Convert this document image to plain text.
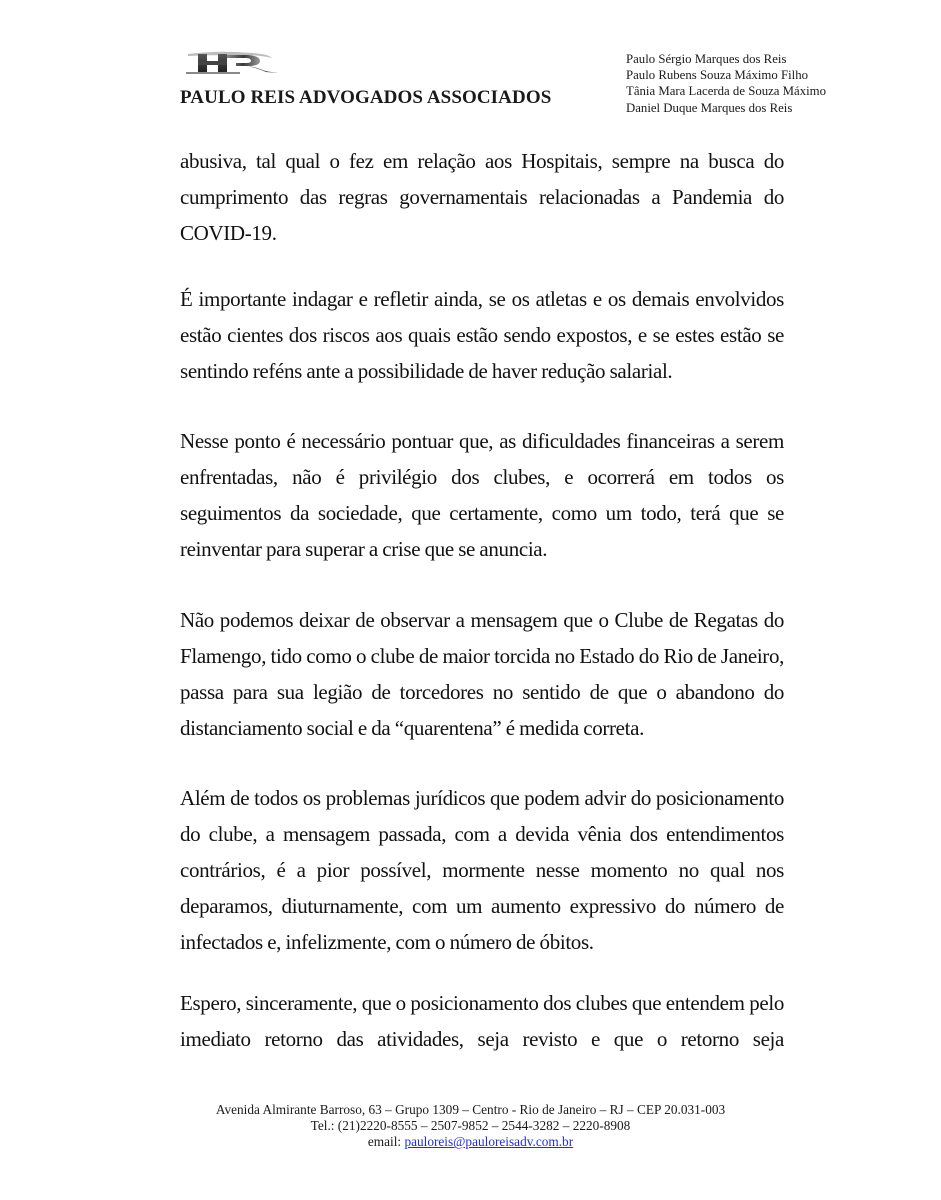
PAULO REIS ADVOGADOS ASSOCIADOS
Paulo Sérgio Marques dos Reis
Paulo Rubens Souza Máximo Filho
Tânia Mara Lacerda de Souza Máximo
Daniel Duque Marques dos Reis

abusiva, tal qual o fez em relação aos Hospitais, sempre na busca do cumprimento das regras governamentais relacionadas a Pandemia do COVID-19.

É importante indagar e refletir ainda, se os atletas e os demais envolvidos estão cientes dos riscos aos quais estão sendo expostos, e se estes estão se sentindo reféns ante a possibilidade de haver redução salarial.

Nesse ponto é necessário pontuar que, as dificuldades financeiras a serem enfrentadas, não é privilégio dos clubes, e ocorrerá em todos os seguimentos da sociedade, que certamente, como um todo, terá que se reinventar para superar a crise que se anuncia.

Não podemos deixar de observar a mensagem que o Clube de Regatas do Flamengo, tido como o clube de maior torcida no Estado do Rio de Janeiro, passa para sua legião de torcedores no sentido de que o abandono do distanciamento social e da “quarentena” é medida correta.

Além de todos os problemas jurídicos que podem advir do posicionamento do clube, a mensagem passada, com a devida vênia dos entendimentos contrários, é a pior possível, mormente nesse momento no qual nos deparamos, diuturnamente, com um aumento expressivo do número de infectados e, infelizmente, com o número de óbitos.

Espero, sinceramente, que o posicionamento dos clubes que entendem pelo imediato retorno das atividades, seja revisto e que o retorno seja

Avenida Almirante Barroso, 63 – Grupo 1309 – Centro - Rio de Janeiro – RJ – CEP 20.031-003
Tel.: (21)2220-8555 – 2507-9852 – 2544-3282 – 2220-8908
email: pauloreis@pauloreisadv.com.br
